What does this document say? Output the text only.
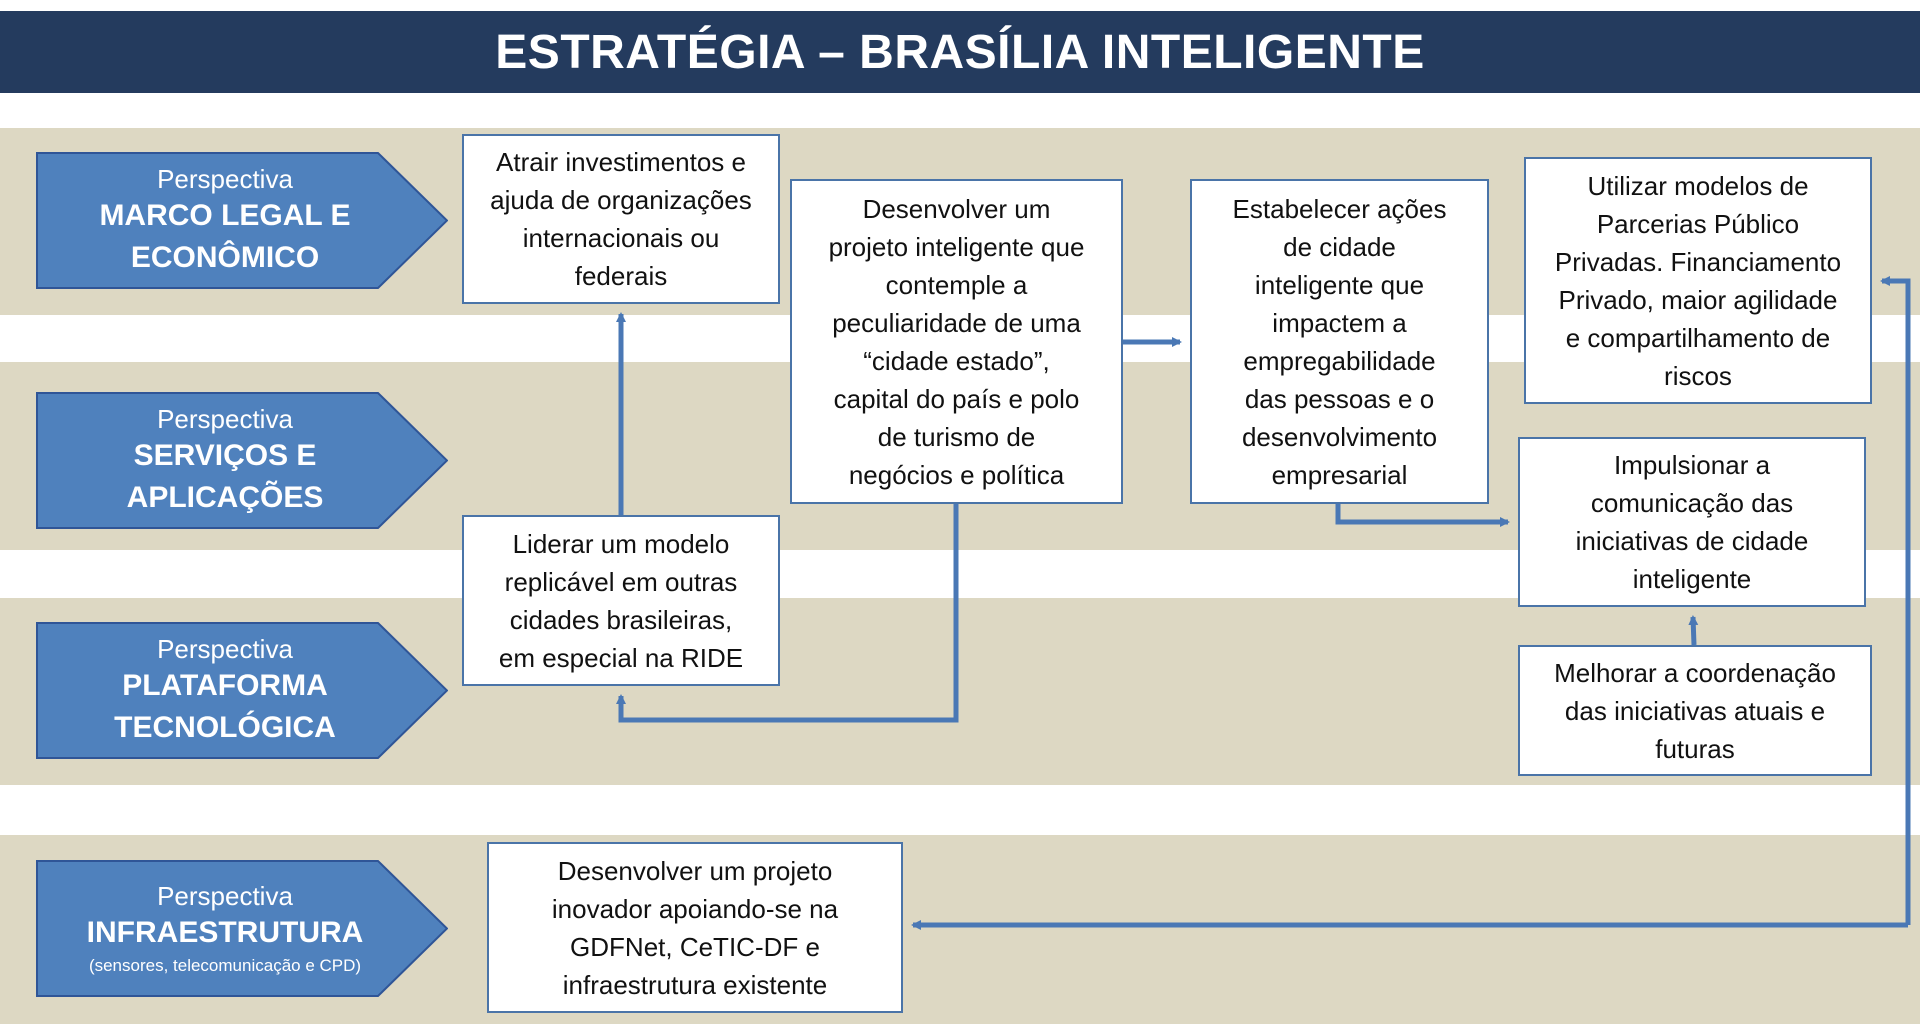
ESTRATÉGIA – BRASÍLIA INTELIGENTE
Perspectiva
MARCO LEGAL E
ECONÔMICO
Perspectiva
SERVIÇOS E
APLICAÇÕES
Perspectiva
PLATAFORMA
TECNOLÓGICA
Perspectiva
INFRAESTRUTURA
(sensores, telecomunicação e CPD)
Atrair investimentos e
ajuda de organizações
internacionais ou
federais
Desenvolver um
projeto inteligente que
contemple a
peculiaridade de uma
“cidade estado”,
capital do país e polo
de turismo de
negócios e política
Estabelecer ações
de cidade
inteligente que
impactem a
empregabilidade
das pessoas e o
desenvolvimento
empresarial
Utilizar modelos de
Parcerias Público
Privadas. Financiamento
Privado, maior agilidade
e compartilhamento de
riscos
Liderar um modelo
replicável em outras
cidades brasileiras,
em especial na RIDE
Impulsionar a
comunicação das
iniciativas de cidade
inteligente
Melhorar a coordenação
das iniciativas atuais e
futuras
Desenvolver um projeto
inovador apoiando-se na
GDFNet, CeTIC-DF e
infraestrutura existente
